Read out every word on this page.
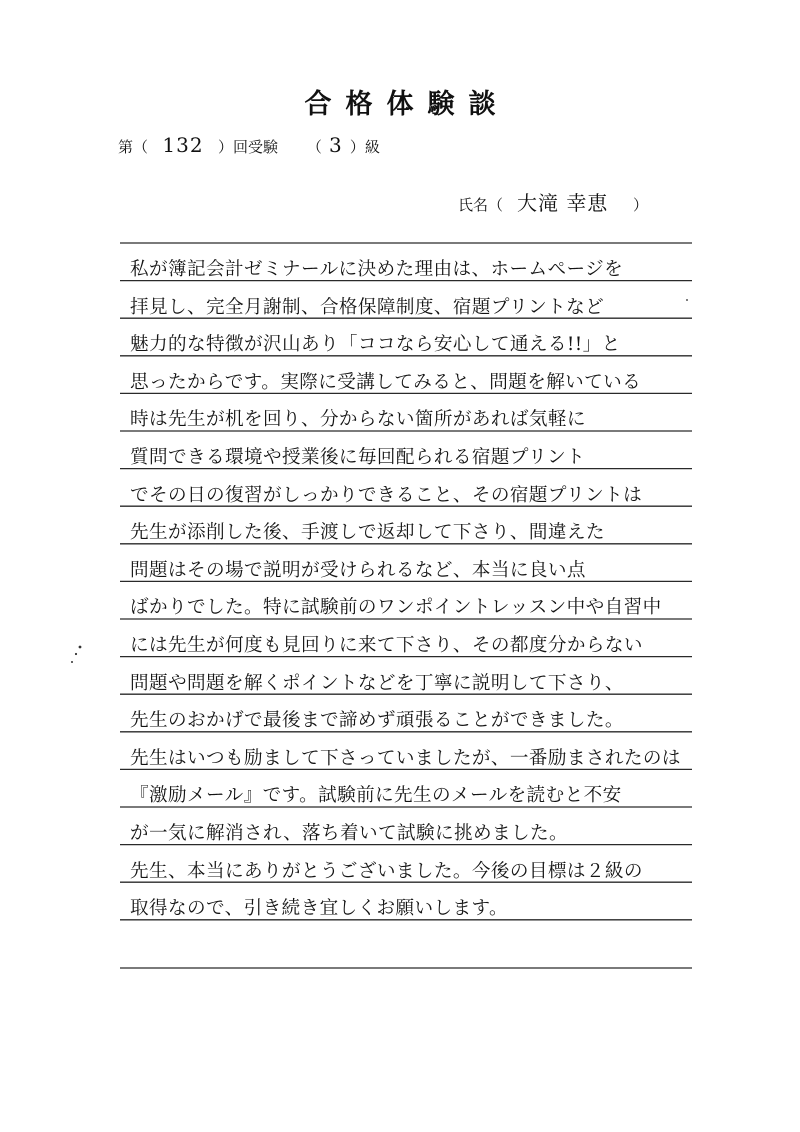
合格体験談
第（ 132 ）回受験 （ 3 ）級
氏名（ 大滝 幸恵 ）
私が簿記会計ゼミナールに決めた理由は、ホームページを
拝見し、完全月謝制、合格保障制度、宿題プリントなど
魅力的な特徴が沢山あり「ココなら安心して通える!!」と
思ったからです。実際に受講してみると、問題を解いている
時は先生が机を回り、分からない箇所があれば気軽に
質問できる環境や授業後に毎回配られる宿題プリント
でその日の復習がしっかりできること、その宿題プリントは
先生が添削した後、手渡しで返却して下さり、間違えた
問題はその場で説明が受けられるなど、本当に良い点
ばかりでした。特に試験前のワンポイントレッスン中や自習中
には先生が何度も見回りに来て下さり、その都度分からない
問題や問題を解くポイントなどを丁寧に説明して下さり、
先生のおかげで最後まで諦めず頑張ることができました。
先生はいつも励まして下さっていましたが、一番励まされたのは
『激励メール』です。試験前に先生のメールを読むと不安
が一気に解消され、落ち着いて試験に挑めました。
先生、本当にありがとうございました。今後の目標は２級の
取得なので、引き続き宜しくお願いします。
